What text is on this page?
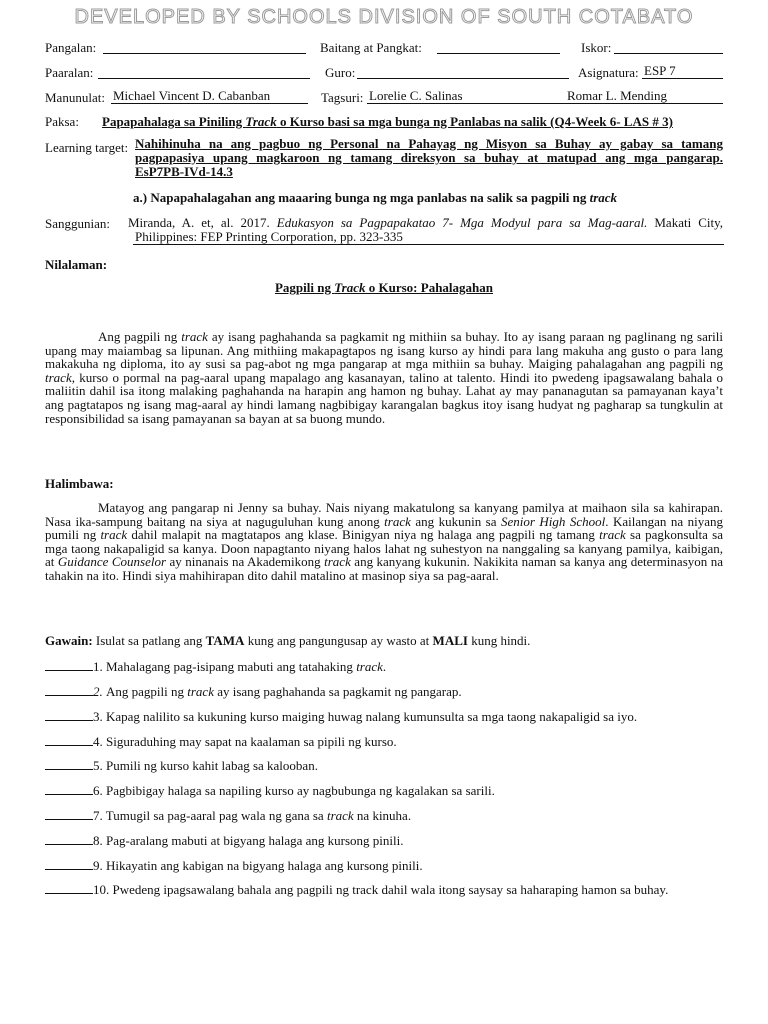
DEVELOPED BY SCHOOLS DIVISION OF SOUTH COTABATO
Pangalan:	Baitang at Pangkat:	Iskor:
Paaralan:	Guro:	Asignatura: ESP 7
Manunulat: Michael Vincent D. Cabanban	Tagsuri: Lorelie C. Salinas	Romar L. Mending
Paksa: Papapahalaga sa Piniling Track o Kurso basi sa mga bunga ng Panlabas na salik (Q4-Week 6- LAS # 3)
Learning target: Nahihinuha na ang pagbuo ng Personal na Pahayag ng Misyon sa Buhay ay gabay sa tamang pagpapasiya upang magkaroon ng tamang direksyon sa buhay at matupad ang mga pangarap.
EsP7PB-IVd-14.3
a.) Napapahalagahan ang maaaring bunga ng mga panlabas na salik sa pagpili ng track
Sanggunian: Miranda, A. et, al. 2017. Edukasyon sa Pagpapakatao 7- Mga Modyul para sa Mag-aaral. Makati City,
Philippines: FEP Printing Corporation, pp. 323-335
Nilalaman:
Pagpili ng Track o Kurso: Pahalagahan
Ang pagpili ng track ay isang paghahanda sa pagkamit ng mithiin sa buhay. Ito ay isang paraan ng paglinang ng sarili upang may maiambag sa lipunan. Ang mithiing makapagtapos ng isang kurso ay hindi para lang makuha ang gusto o para lang makakuha ng diploma, ito ay susi sa pag-abot ng mga pangarap at mga mithiin sa buhay. Maiging pahalagahan ang pagpili ng track, kurso o pormal na pag-aaral upang mapalago ang kasanayan, talino at talento. Hindi ito pwedeng ipagsawalang bahala o maliitin dahil isa itong malaking paghahanda na harapin ang hamon ng buhay. Lahat ay may pananagutan sa pamayanan kaya’t ang pagtatapos ng isang mag-aaral ay hindi lamang nagbibigay karangalan bagkus itoy isang hudyat ng pagharap sa tungkulin at responsibilidad sa isang pamayanan sa bayan at sa buong mundo.
Halimbawa:
Matayog ang pangarap ni Jenny sa buhay. Nais niyang makatulong sa kanyang pamilya at maihaon sila sa kahirapan. Nasa ika-sampung baitang na siya at naguguluhan kung anong track ang kukunin sa Senior High School. Kailangan na niyang pumili ng track dahil malapit na magtatapos ang klase. Binigyan niya ng halaga ang pagpili ng tamang track sa pagkonsulta sa mga taong nakapaligid sa kanya. Doon napagtanto niyang halos lahat ng suhestyon na nanggaling sa kanyang pamilya, kaibigan, at Guidance Counselor ay ninanais na Akademikong track ang kanyang kukunin. Nakikita naman sa kanya ang determinasyon na tahakin na ito. Hindi siya mahihirapan dito dahil matalino at masinop siya sa pag-aaral.
Gawain: Isulat sa patlang ang TAMA kung ang pangungusap ay wasto at MALI kung hindi.
1. Mahalagang pag-isipang mabuti ang tatahaking track.
2. Ang pagpili ng track ay isang paghahanda sa pagkamit ng pangarap.
3. Kapag nalilito sa kukuning kurso maiging huwag nalang kumunsulta sa mga taong nakapaligid sa iyo.
4. Siguraduhing may sapat na kaalaman sa pipili ng kurso.
5. Pumili ng kurso kahit labag sa kalooban.
6. Pagbibigay halaga sa napiling kurso ay nagbubunga ng kagalakan sa sarili.
7. Tumugil sa pag-aaral pag wala ng gana sa track na kinuha.
8. Pag-aralang mabuti at bigyang halaga ang kursong pinili.
9. Hikayatin ang kabigan na bigyang halaga ang kursong pinili.
10. Pwedeng ipagsawalang bahala ang pagpili ng track dahil wala itong saysay sa haharaping hamon sa buhay.
